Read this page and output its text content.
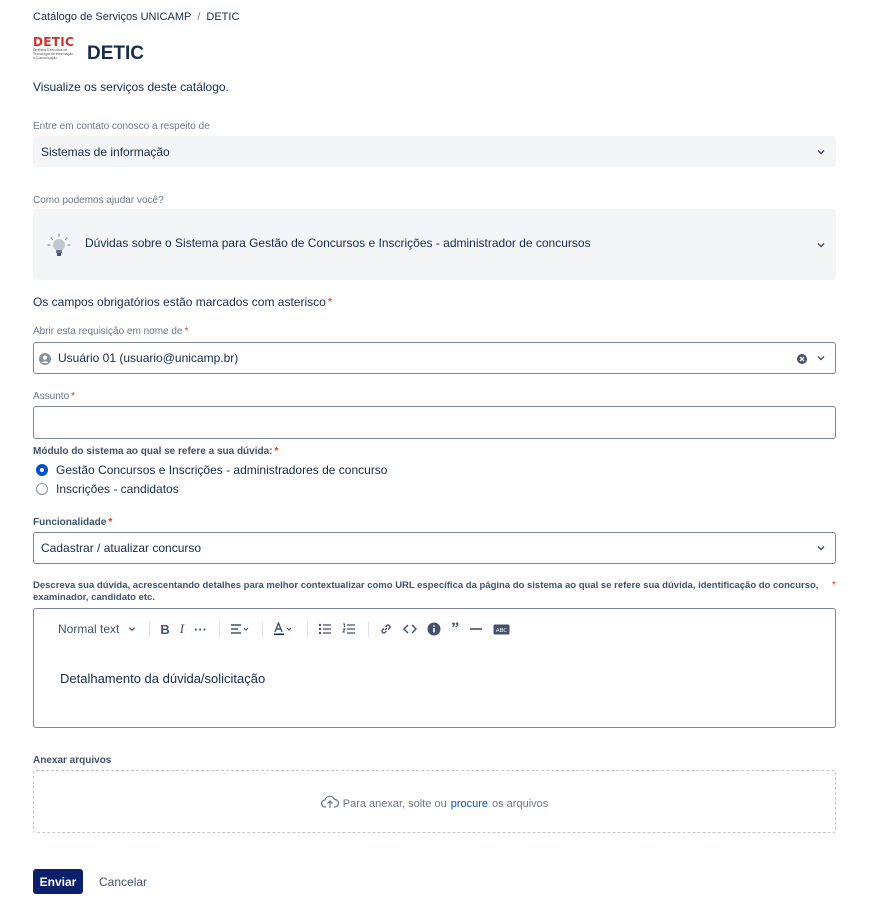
Catálogo de Serviços UNICAMP / DETIC
DETIC
Diretoria Executiva de Tecnologia da Informação e Comunicação	DETIC
Visualize os serviços deste catálogo.
Entre em contato conosco a respeito de
Sistemas de informação
Como podemos ajudar você?
Dúvidas sobre o Sistema para Gestão de Concursos e Inscrições - administrador de concursos
Os campos obrigatórios estão marcados com asterisco *
Abrir esta requisição em nome de *
Usuário 01 (usuario@unicamp.br)
Assunto *
Módulo do sistema ao qual se refere a sua dúvida: *
Gestão Concursos e Inscrições - administradores de concurso
Inscrições - candidatos
Funcionalidade *
Cadastrar / atualizar concurso
Descreva sua dúvida, acrescentando detalhes para melhor contextualizar como URL específica da página do sistema ao qual se refere sua dúvida, identificação do concurso,
examinador, candidato etc.
*
Normal text	B I ···	”	ABC
Detalhamento da dúvida/solicitação
Anexar arquivos
Para anexar, solte ou procure os arquivos
Enviar	Cancelar
